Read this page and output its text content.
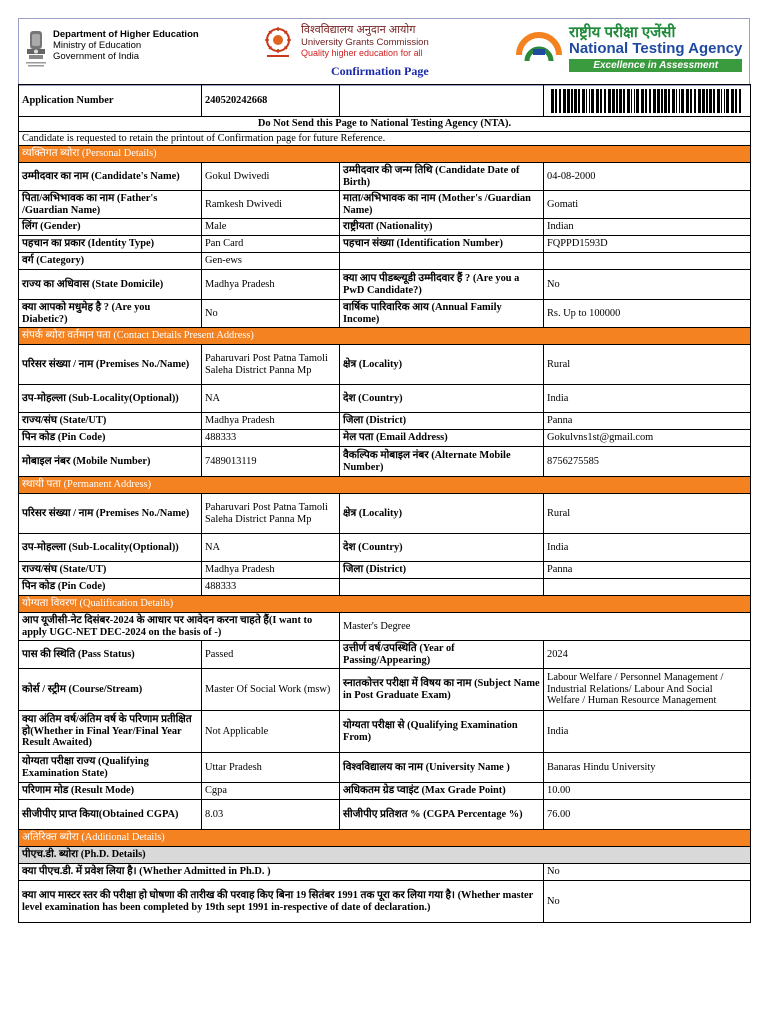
Department of Higher Education
Ministry of Education
Government of India
विश्वविद्यालय अनुदान आयोग
University Grants Commission
Quality higher education for all
Confirmation Page
राष्ट्रीय परीक्षा एजेंसी
National Testing Agency
Excellence in Assessment
Application Number	240520242668		

Do Not Send this Page to National Testing Agency (NTA).			
Candidate is requested to retain the printout of Confirmation page for future Reference.			
व्यक्तिगत ब्योरा (Personal Details)			
उम्मीदवार का नाम (Candidate's Name)	Gokul Dwivedi	उम्मीदवार की जन्म तिथि (Candidate Date of Birth)	04-08-2000
पिता/अभिभावक का नाम (Father's /Guardian Name)	Ramkesh Dwivedi	माता/अभिभावक का नाम (Mother's /Guardian Name)	Gomati
लिंग (Gender)	Male	राष्ट्रीयता (Nationality)	Indian
पहचान का प्रकार (Identity Type)	Pan Card	पहचान संख्या (Identification Number)	FQPPD1593D
वर्ग (Category)	Gen-ews		
राज्य का अधिवास (State Domicile)	Madhya Pradesh	क्या आप पीडब्ल्यूडी उम्मीदवार हैं ? (Are you a PwD Candidate?)	No
क्या आपको मधुमेह है ? (Are you Diabetic?)	No	वार्षिक पारिवारिक आय (Annual Family Income)	Rs. Up to 100000
संपर्क ब्योरा वर्तमान पता (Contact Details Present Address)			
परिसर संख्या / नाम (Premises No./Name)	Paharuvari Post Patna Tamoli Saleha District Panna Mp	क्षेत्र (Locality)	Rural
उप-मोहल्ला (Sub-Locality(Optional))	NA	देश (Country)	India
राज्य/संघ (State/UT)	Madhya Pradesh	जिला (District)	Panna
पिन कोड (Pin Code)	488333	मेल पता (Email Address)	Gokulvns1st@gmail.com
मोबाइल नंबर (Mobile Number)	7489013119	वैकल्पिक मोबाइल नंबर (Alternate Mobile Number)	8756275585
स्थायी पता (Permanent Address)			
परिसर संख्या / नाम (Premises No./Name)	Paharuvari Post Patna Tamoli Saleha District Panna Mp	क्षेत्र (Locality)	Rural
उप-मोहल्ला (Sub-Locality(Optional))	NA	देश (Country)	India
राज्य/संघ (State/UT)	Madhya Pradesh	जिला (District)	Panna
पिन कोड (Pin Code)	488333		
योग्यता विवरण (Qualification Details)			
आप यूजीसी-नेट दिसंबर-2024 के आधार पर आवेदन करना चाहते हैं(I want to apply UGC-NET DEC-2024 on the basis of -)		Master's Degree	
पास की स्थिति (Pass Status)	Passed	उत्तीर्ण वर्ष/उपस्थिति (Year of Passing/Appearing)	2024
कोर्स / स्ट्रीम (Course/Stream)	Master Of Social Work (msw)	स्नातकोत्तर परीक्षा में विषय का नाम (Subject Name in Post Graduate Exam)	Labour Welfare / Personnel Management / Industrial Relations/ Labour And Social Welfare / Human Resource Management
क्या अंतिम वर्ष/अंतिम वर्ष के परिणाम प्रतीक्षित हो(Whether in Final Year/Final Year Result Awaited)	Not Applicable	योग्यता परीक्षा से (Qualifying Examination From)	India
योग्यता परीक्षा राज्य (Qualifying Examination State)	Uttar Pradesh	विश्वविद्यालय का नाम (University Name )	Banaras Hindu University
परिणाम मोड (Result Mode)	Cgpa	अधिकतम ग्रेड प्वाइंट (Max Grade Point)	10.00
सीजीपीए प्राप्त किया(Obtained CGPA)	8.03	सीजीपीए प्रतिशत % (CGPA Percentage %)	76.00
अतिरिक्त ब्योरा (Additional Details)			
पीएच.डी. ब्योरा (Ph.D. Details)			
क्या पीएच.डी. में प्रवेश लिया है। (Whether Admitted in Ph.D. )			No
क्या आप मास्टर स्तर की परीक्षा हो घोषणा की तारीख की परवाह किए बिना 19 सितंबर 1991 तक पूरा कर लिया गया है। (Whether master level examination has been completed by 19th sept 1991 in-respective of date of declaration.)			No
